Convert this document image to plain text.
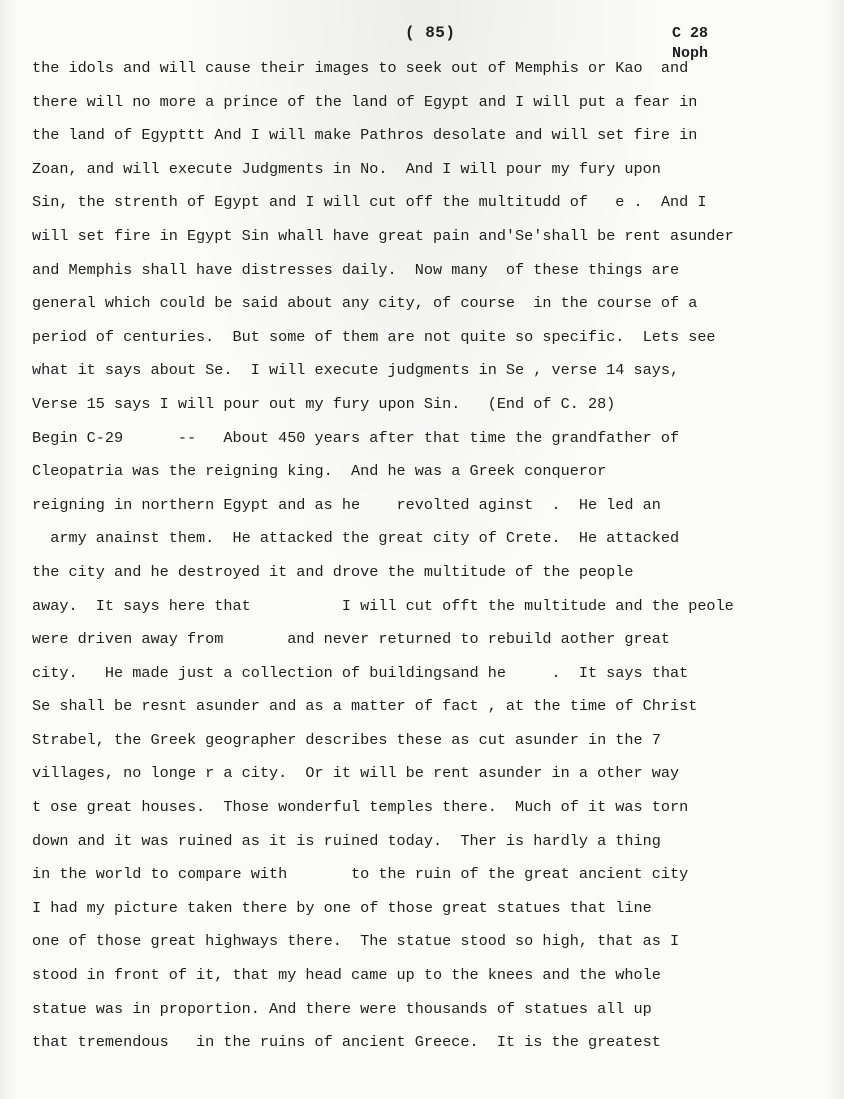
( 85)	C 28
Noph
the idols and will cause their images to seek out of Memphis or Kao  and
there will no more a prince of the land of Egypt and I will put a fear in
the land of Egypttt And I will make Pathros desolate and will set fire in
Zoan, and will execute Judgments in No.  And I will pour my fury upon
Sin, the strenth of Egypt and I will cut off the multitudd of   e .  And I
will set fire in Egypt Sin whall have great pain and'Se'shall be rent asunder
and Memphis shall have distresses daily.  Now many  of these things are
general which could be said about any city, of course  in the course of a
period of centuries.  But some of them are not quite so specific.  Lets see
what it says about Se.  I will execute judgments in Se , verse 14 says,
Verse 15 says I will pour out my fury upon Sin.   (End of C. 28)
Begin C-29      --   About 450 years after that time the grandfather of
Cleopatria was the reigning king.  And he was a Greek conqueror
reigning in northern Egypt and as he    revolted aginst  .  He led an
army anainst them.  He attacked the great city of Crete.  He attacked
the city and he destroyed it and drove the multitude of the people
away.  It says here that          I will cut offt the multitude and the peole
were driven away from       and never returned to rebuild aother great
city.   He made just a collection of buildingsand he     .  It says that
Se shall be resnt asunder and as a matter of fact , at the time of Christ
Strabel, the Greek geographer describes these as cut asunder in the 7
villages, no longe r a city.  Or it will be rent asunder in a other way
t ose great houses.  Those wonderful temples there.  Much of it was torn
down and it was ruined as it is ruined today.  Ther is hardly a thing
in the world to compare with       to the ruin of the great ancient city
I had my picture taken there by one of those great statues that line
one of those great highways there.  The statue stood so high, that as I
stood in front of it, that my head came up to the knees and the whole
statue was in proportion. And there were thousands of statues all up
that tremendous   in the ruins of ancient Greece.  It is the greatest
